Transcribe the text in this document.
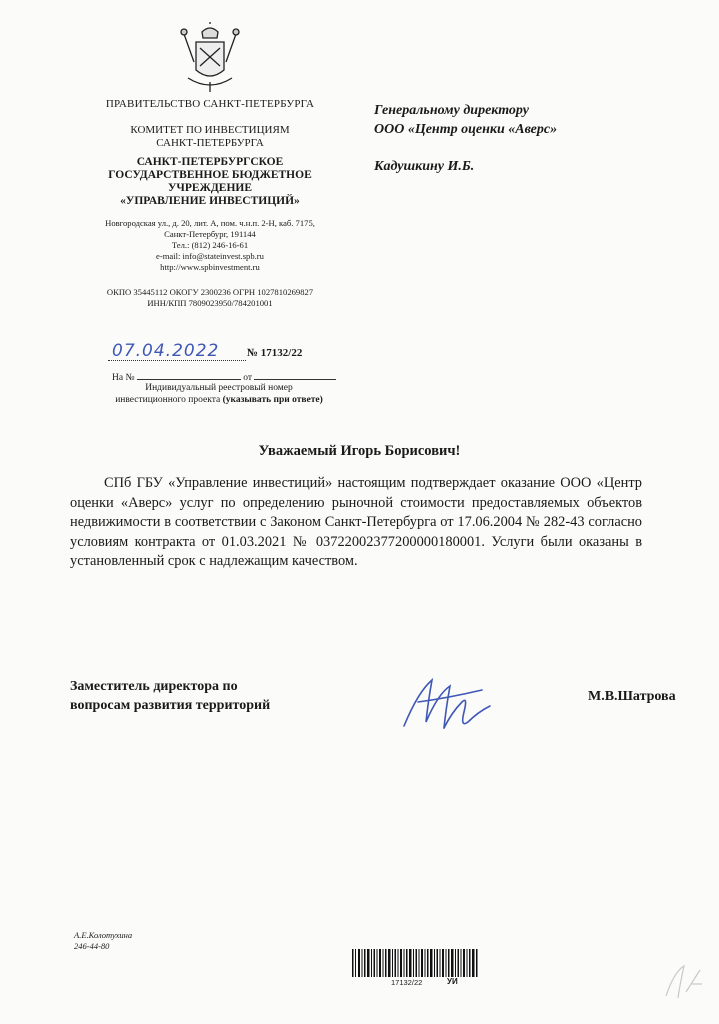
ПРАВИТЕЛЬСТВО САНКТ-ПЕТЕРБУРГА
КОМИТЕТ ПО ИНВЕСТИЦИЯМ
САНКТ-ПЕТЕРБУРГА
САНКТ-ПЕТЕРБУРГСКОЕ
ГОСУДАРСТВЕННОЕ БЮДЖЕТНОЕ
УЧРЕЖДЕНИЕ
«УПРАВЛЕНИЕ ИНВЕСТИЦИЙ»
Новгородская ул., д. 20, лит. А, пом. ч.н.п. 2-Н, каб. 7175,
Санкт-Петербург, 191144
Тел.: (812) 246-16-61
e-mail: info@stateinvest.spb.ru
http://www.spbinvestment.ru
ОКПО 35445112 ОКОГУ 2300236 ОГРН 1027810269827
ИНН/КПП 7809023950/784201001
07.04.2022	№ 17132/22
На №	от
Индивидуальный реестровый номер
инвестиционного проекта (указывать при ответе)
Генеральному директору
ООО «Центр оценки «Аверс»
Кадушкину И.Б.
Уважаемый Игорь Борисович!
СПб ГБУ «Управление инвестиций» настоящим подтверждает оказание ООО «Центр оценки «Аверс» услуг по определению рыночной стоимости предоставляемых объектов недвижимости в соответствии с Законом Санкт-Петербурга от 17.06.2004 № 282-43 согласно условиям контракта от 01.03.2021 № 0372200237720000018000​1. Услуги были оказаны в установленный срок с надлежащим качеством.
Заместитель директора по
вопросам развития территорий
М.В.Шатрова
А.Е.Колотухина
246-44-80
17132/22	УИ
